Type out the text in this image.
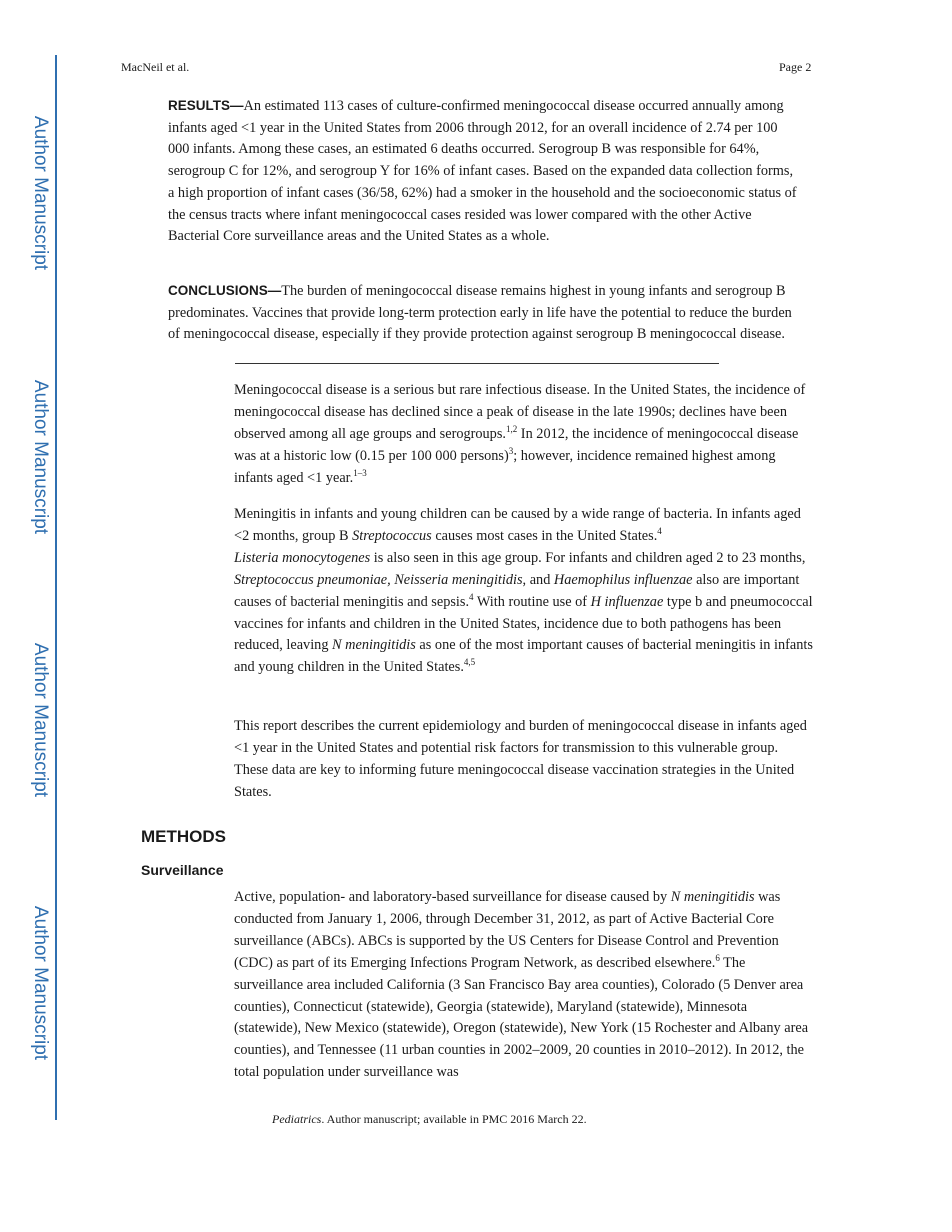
Author Manuscript
Author Manuscript
Author Manuscript
Author Manuscript
MacNeil et al.	Page 2

RESULTS—An estimated 113 cases of culture-confirmed meningococcal disease occurred annually among infants aged <1 year in the United States from 2006 through 2012, for an overall incidence of 2.74 per 100 000 infants. Among these cases, an estimated 6 deaths occurred. Serogroup B was responsible for 64%, serogroup C for 12%, and serogroup Y for 16% of infant cases. Based on the expanded data collection forms, a high proportion of infant cases (36/58, 62%) had a smoker in the household and the socioeconomic status of the census tracts where infant meningococcal cases resided was lower compared with the other Active Bacterial Core surveillance areas and the United States as a whole.

CONCLUSIONS—The burden of meningococcal disease remains highest in young infants and serogroup B predominates. Vaccines that provide long-term protection early in life have the potential to reduce the burden of meningococcal disease, especially if they provide protection against serogroup B meningococcal disease.

Meningococcal disease is a serious but rare infectious disease. In the United States, the incidence of meningococcal disease has declined since a peak of disease in the late 1990s; declines have been observed among all age groups and serogroups.$^{1,2}$ In 2012, the incidence of meningococcal disease was at a historic low (0.15 per 100 000 persons)$^3$; however, incidence remained highest among infants aged <1 year.$^{1-3}$

Meningitis in infants and young children can be caused by a wide range of bacteria. In infants aged <2 months, group B Streptococcus causes most cases in the United States.$^4$
Listeria monocytogenes is also seen in this age group. For infants and children aged 2 to 23 months, Streptococcus pneumoniae, Neisseria meningitidis, and Haemophilus influenzae also are important causes of bacterial meningitis and sepsis.$^4$ With routine use of H influenzae type b and pneumococcal vaccines for infants and children in the United States, incidence due to both pathogens has been reduced, leaving N meningitidis as one of the most important causes of bacterial meningitis in infants and young children in the United States.$^{4,5}$

This report describes the current epidemiology and burden of meningococcal disease in infants aged <1 year in the United States and potential risk factors for transmission to this vulnerable group. These data are key to informing future meningococcal disease vaccination strategies in the United States.

METHODS
Surveillance

Active, population- and laboratory-based surveillance for disease caused by N meningitidis was conducted from January 1, 2006, through December 31, 2012, as part of Active Bacterial Core surveillance (ABCs). ABCs is supported by the US Centers for Disease Control and Prevention (CDC) as part of its Emerging Infections Program Network, as described elsewhere.$^6$ The surveillance area included California (3 San Francisco Bay area counties), Colorado (5 Denver area counties), Connecticut (statewide), Georgia (statewide), Maryland (statewide), Minnesota (statewide), New Mexico (statewide), Oregon (statewide), New York (15 Rochester and Albany area counties), and Tennessee (11 urban counties in 2002–2009, 20 counties in 2010–2012). In 2012, the total population under surveillance was

Pediatrics. Author manuscript; available in PMC 2016 March 22.
